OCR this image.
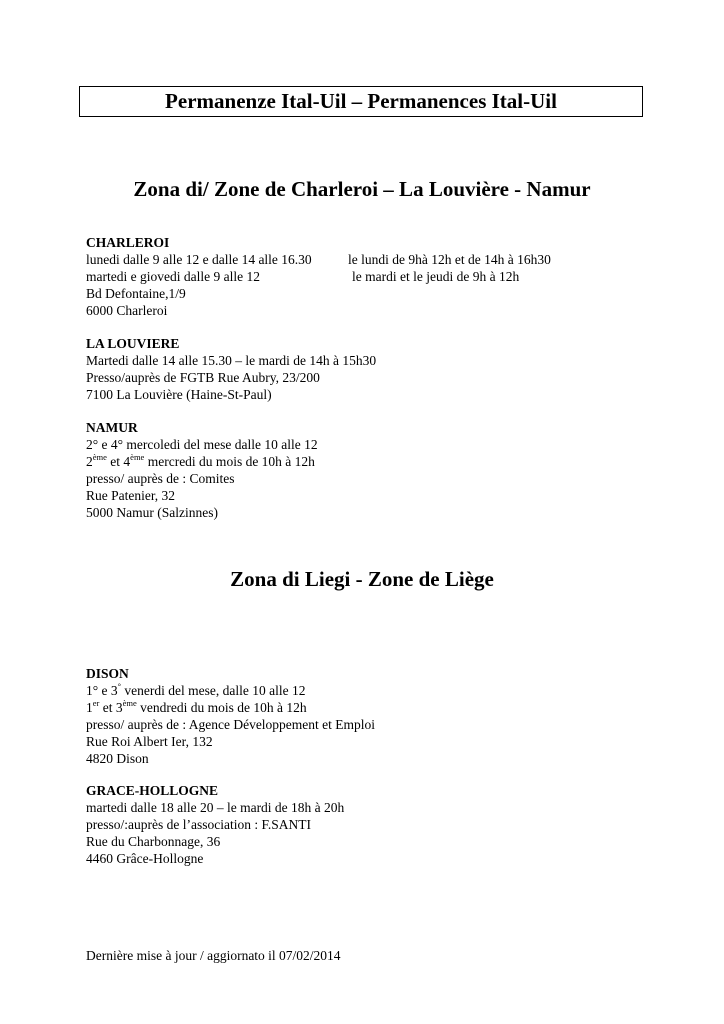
Permanenze Ital-Uil – Permanences Ital-Uil
Zona di/ Zone de Charleroi – La Louvière - Namur
CHARLEROI
lunedi dalle 9 alle 12 e dalle 14 alle 16.30	le lundi de 9hà 12h et de 14h à 16h30
martedi e giovedi dalle 9 alle 12	le mardi et le jeudi de 9h à 12h
Bd Defontaine,1/9
6000 Charleroi
LA LOUVIERE
Martedi dalle 14 alle 15.30 – le mardi de 14h à 15h30
Presso/auprès de FGTB Rue Aubry, 23/200
7100 La Louvière (Haine-St-Paul)
NAMUR
2° e 4° mercoledi del mese dalle 10 alle 12
2ème et 4ème mercredi du mois de 10h à 12h
presso/ auprès de : Comites
Rue Patenier, 32
5000 Namur (Salzinnes)
Zona di Liegi - Zone de Liège
DISON
1° e 3° venerdi del mese, dalle 10 alle 12
1er et 3ème vendredi du mois de 10h à 12h
presso/ auprès de : Agence Développement et Emploi
Rue Roi Albert Ier, 132
4820 Dison
GRACE-HOLLOGNE
martedi dalle 18 alle 20 – le mardi de 18h à 20h
presso/:auprès de l’association : F.SANTI
Rue du Charbonnage, 36
4460 Grâce-Hollogne
Dernière mise à jour / aggiornato il 07/02/2014
